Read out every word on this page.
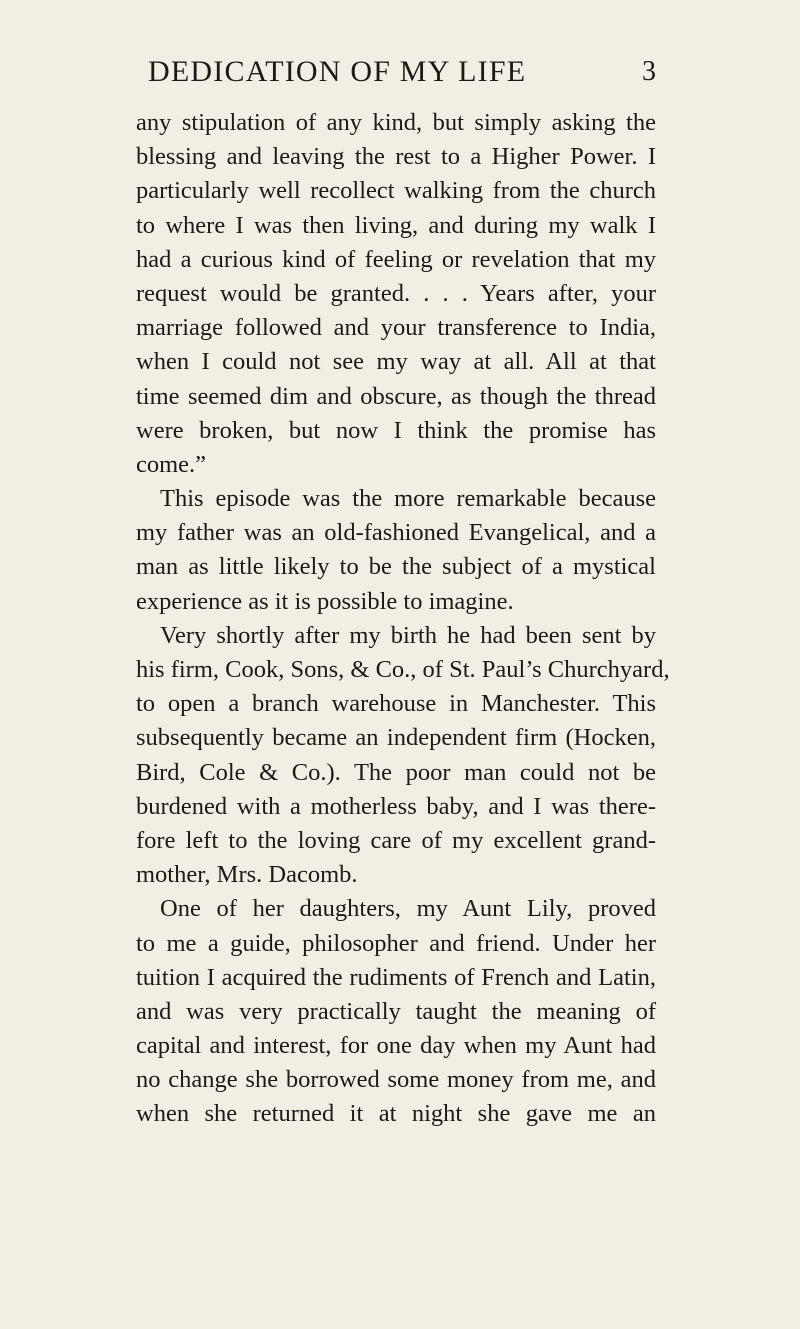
DEDICATION OF MY LIFE	3
any stipulation of any kind, but simply asking the
blessing and leaving the rest to a Higher Power. I
particularly well recollect walking from the church
to where I was then living, and during my walk I
had a curious kind of feeling or revelation that my
request would be granted. . . . Years after, your
marriage followed and your transference to India,
when I could not see my way at all. All at that
time seemed dim and obscure, as though the thread
were broken, but now I think the promise has
come.”
This episode was the more remarkable because
my father was an old-fashioned Evangelical, and a
man as little likely to be the subject of a mystical
experience as it is possible to imagine.
Very shortly after my birth he had been sent by
his firm, Cook, Sons, & Co., of St. Paul’s Churchyard,
to open a branch warehouse in Manchester. This
subsequently became an independent firm (Hocken,
Bird, Cole & Co.). The poor man could not be
burdened with a motherless baby, and I was there-
fore left to the loving care of my excellent grand-
mother, Mrs. Dacomb.
One of her daughters, my Aunt Lily, proved
to me a guide, philosopher and friend. Under her
tuition I acquired the rudiments of French and Latin,
and was very practically taught the meaning of
capital and interest, for one day when my Aunt had
no change she borrowed some money from me, and
when she returned it at night she gave me an
